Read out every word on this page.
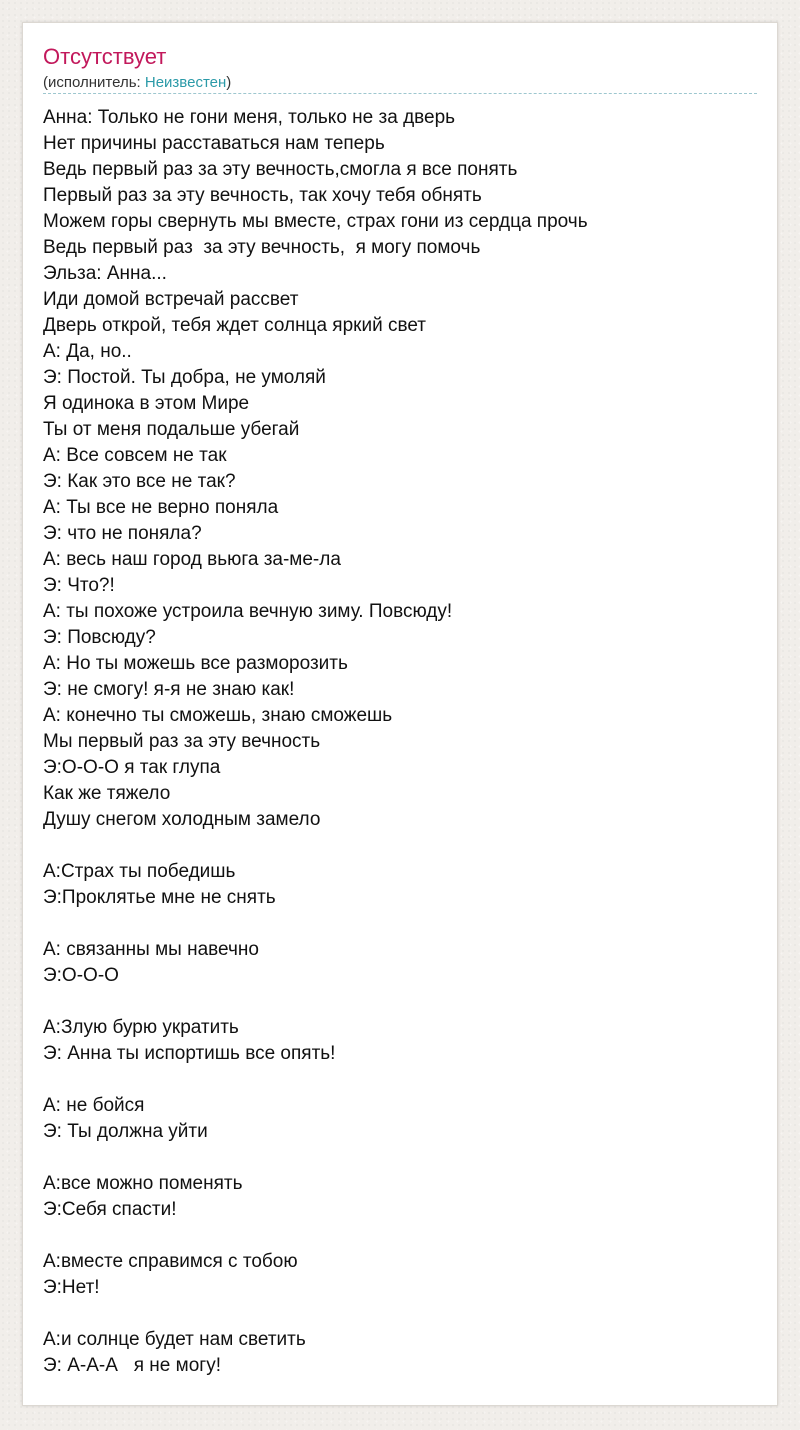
Отсутствует
(исполнитель: Неизвестен)
Анна: Только не гони меня, только не за дверь
Нет причины расставаться нам теперь
Ведь первый раз за эту вечность,смогла я все понять
Первый раз за эту вечность, так хочу тебя обнять
Можем горы свернуть мы вместе, страх гони из сердца прочь
Ведь первый раз  за эту вечность,  я могу помочь
Эльза: Анна...
Иди домой встречай рассвет
Дверь открой, тебя ждет солнца яркий свет
А: Да, но..
Э: Постой. Ты добра, не умоляй
Я одинока в этом Мире
Ты от меня подальше убегай
А: Все совсем не так
Э: Как это все не так?
А: Ты все не верно поняла
Э: что не поняла?
А: весь наш город вьюга за-ме-ла
Э: Что?!
А: ты похоже устроила вечную зиму. Повсюду!
Э: Повсюду?
А: Но ты можешь все разморозить
Э: не смогу! я-я не знаю как!
А: конечно ты сможешь, знаю сможешь
Мы первый раз за эту вечность
Э:О-О-О я так глупа
Как же тяжело
Душу снегом холодным замело
А:Страх ты победишь
Э:Проклятье мне не снять
А: связанны мы навечно
Э:О-О-О
А:Злую бурю укратить
Э: Анна ты испортишь все опять!
А: не бойся
Э: Ты должна уйти
А:все можно поменять
Э:Себя спасти!
А:вместе справимся с тобою
Э:Нет!
А:и солнце будет нам светить
Э: А-А-А   я не могу!
